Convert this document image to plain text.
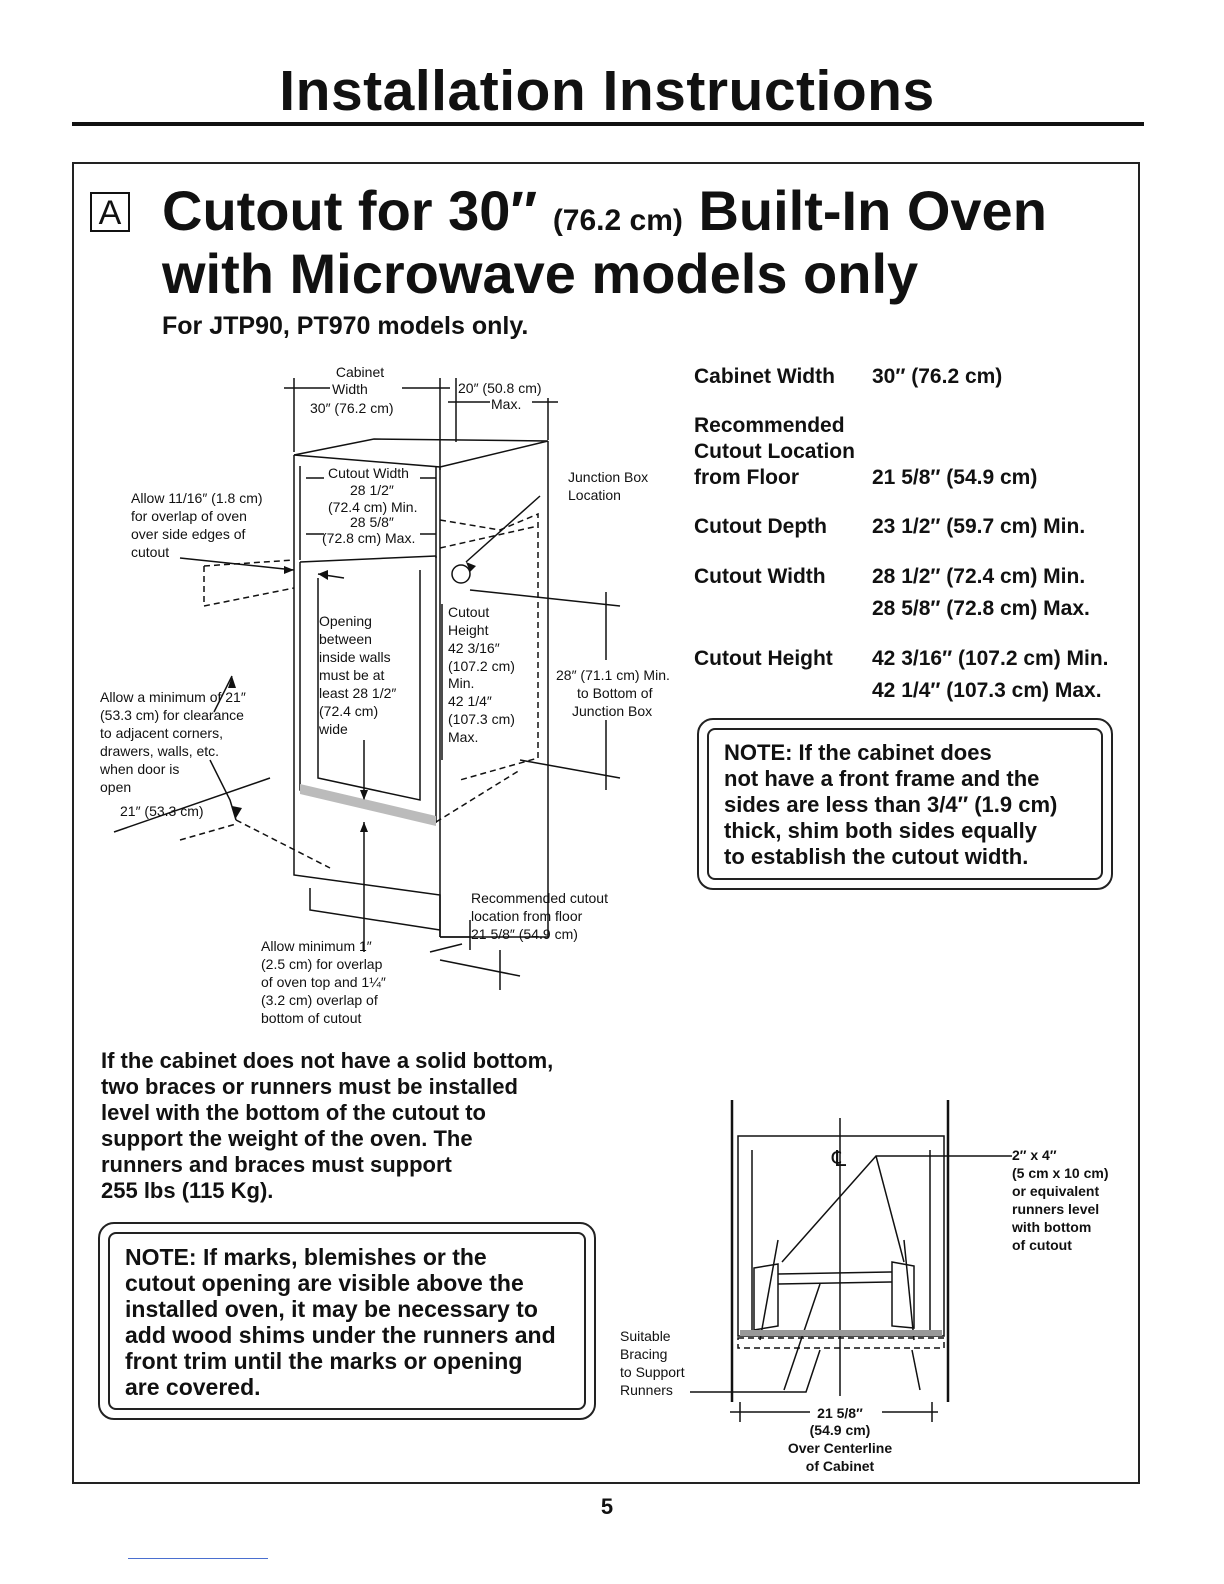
Installation Instructions
A Cutout for 30″ (76.2 cm) Built-In Oven
with Microwave models only
For JTP90, PT970 models only.
Cabinet
Width
30″ (76.2 cm)
20″ (50.8 cm)
Max.
Cutout Width
28 1/2″
(72.4 cm) Min.
28 5/8″
(72.8 cm) Max.
Allow 11/16″ (1.8 cm)
for overlap of oven
over side edges of
cutout
Junction Box
Location
Opening
between
inside walls
must be at
least 28 1/2″
(72.4 cm)
wide
Cutout
Height
42 3/16″
(107.2 cm)
Min.
42 1/4″
(107.3 cm)
Max.
28″ (71.1 cm) Min.
to Bottom of
Junction Box
Allow a minimum of 21″
(53.3 cm) for clearance
to adjacent corners,
drawers, walls, etc.
when door is
open
21″ (53.3 cm)
Recommended cutout
location from floor
21 5/8″ (54.9 cm)
Allow minimum 1″
(2.5 cm) for overlap
of oven top and 1¼″
(3.2 cm) overlap of
bottom of cutout
Cabinet Width 30″ (76.2 cm)
Recommended
Cutout Location
from Floor	21 5/8″ (54.9 cm)
Cutout Depth 23 1/2″ (59.7 cm) Min.
Cutout Width 28 1/2″ (72.4 cm) Min.
28 5/8″ (72.8 cm) Max.
Cutout Height 42 3/16″ (107.2 cm) Min.
42 1/4″ (107.3 cm) Max.
NOTE: If the cabinet does
not have a front frame and the
sides are less than 3/4″ (1.9 cm)
thick, shim both sides equally
to establish the cutout width.
If the cabinet does not have a solid bottom,
two braces or runners must be installed
level with the bottom of the cutout to
support the weight of the oven. The
runners and braces must support
255 lbs (115 Kg).
NOTE: If marks, blemishes or the
cutout opening are visible above the
installed oven, it may be necessary to
add wood shims under the runners and
front trim until the marks or opening
are covered.
℄	2″ x 4″
(5 cm x 10 cm)
or equivalent
runners level
with bottom
of cutout
Suitable
Bracing
to Support
Runners
21 5/8″
(54.9 cm)
Over Centerline
of Cabinet
5
